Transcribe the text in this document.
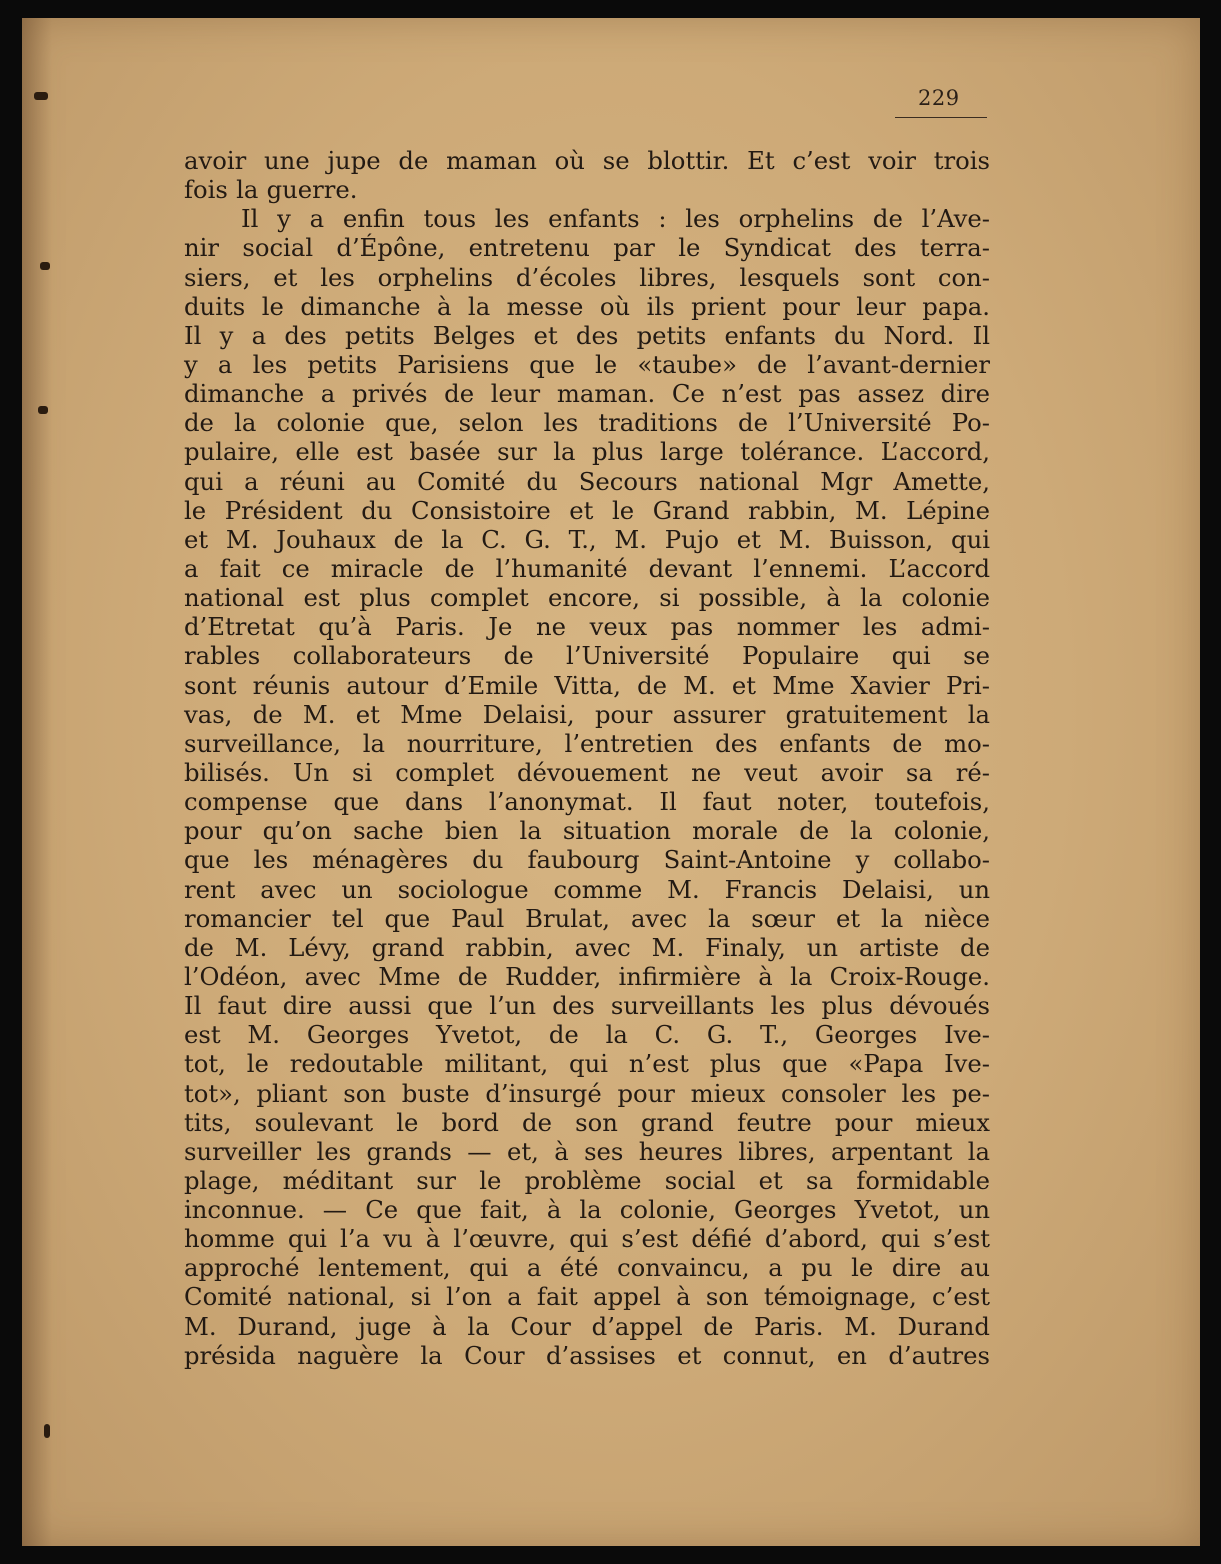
229
avoir une jupe de maman où se blottir. Et c’est voir trois
fois la guerre.
Il y a enfin tous les enfants : les orphelins de l’Ave-
nir social d’Épône, entretenu par le Syndicat des terra-
siers, et les orphelins d’écoles libres, lesquels sont con-
duits le dimanche à la messe où ils prient pour leur papa.
Il y a des petits Belges et des petits enfants du Nord. Il
y a les petits Parisiens que le «taube» de l’avant-dernier
dimanche a privés de leur maman. Ce n’est pas assez dire
de la colonie que, selon les traditions de l’Université Po-
pulaire, elle est basée sur la plus large tolérance. L’accord,
qui a réuni au Comité du Secours national Mgr Amette,
le Président du Consistoire et le Grand rabbin, M. Lépine
et M. Jouhaux de la C. G. T., M. Pujo et M. Buisson, qui
a fait ce miracle de l’humanité devant l’ennemi. L’accord
national est plus complet encore, si possible, à la colonie
d’Etretat qu’à Paris. Je ne veux pas nommer les admi-
rables collaborateurs de l’Université Populaire qui se
sont réunis autour d’Emile Vitta, de M. et Mme Xavier Pri-
vas, de M. et Mme Delaisi, pour assurer gratuitement la
surveillance, la nourriture, l’entretien des enfants de mo-
bilisés. Un si complet dévouement ne veut avoir sa ré-
compense que dans l’anonymat. Il faut noter, toutefois,
pour qu’on sache bien la situation morale de la colonie,
que les ménagères du faubourg Saint-Antoine y collabo-
rent avec un sociologue comme M. Francis Delaisi, un
romancier tel que Paul Brulat, avec la sœur et la nièce
de M. Lévy, grand rabbin, avec M. Finaly, un artiste de
l’Odéon, avec Mme de Rudder, infirmière à la Croix-Rouge.
Il faut dire aussi que l’un des surveillants les plus dévoués
est M. Georges Yvetot, de la C. G. T., Georges Ive-
tot, le redoutable militant, qui n’est plus que «Papa Ive-
tot», pliant son buste d’insurgé pour mieux consoler les pe-
tits, soulevant le bord de son grand feutre pour mieux
surveiller les grands — et, à ses heures libres, arpentant la
plage, méditant sur le problème social et sa formidable
inconnue. — Ce que fait, à la colonie, Georges Yvetot, un
homme qui l’a vu à l’œuvre, qui s’est défié d’abord, qui s’est
approché lentement, qui a été convaincu, a pu le dire au
Comité national, si l’on a fait appel à son témoignage, c’est
M. Durand, juge à la Cour d’appel de Paris. M. Durand
présida naguère la Cour d’assises et connut, en d’autres
